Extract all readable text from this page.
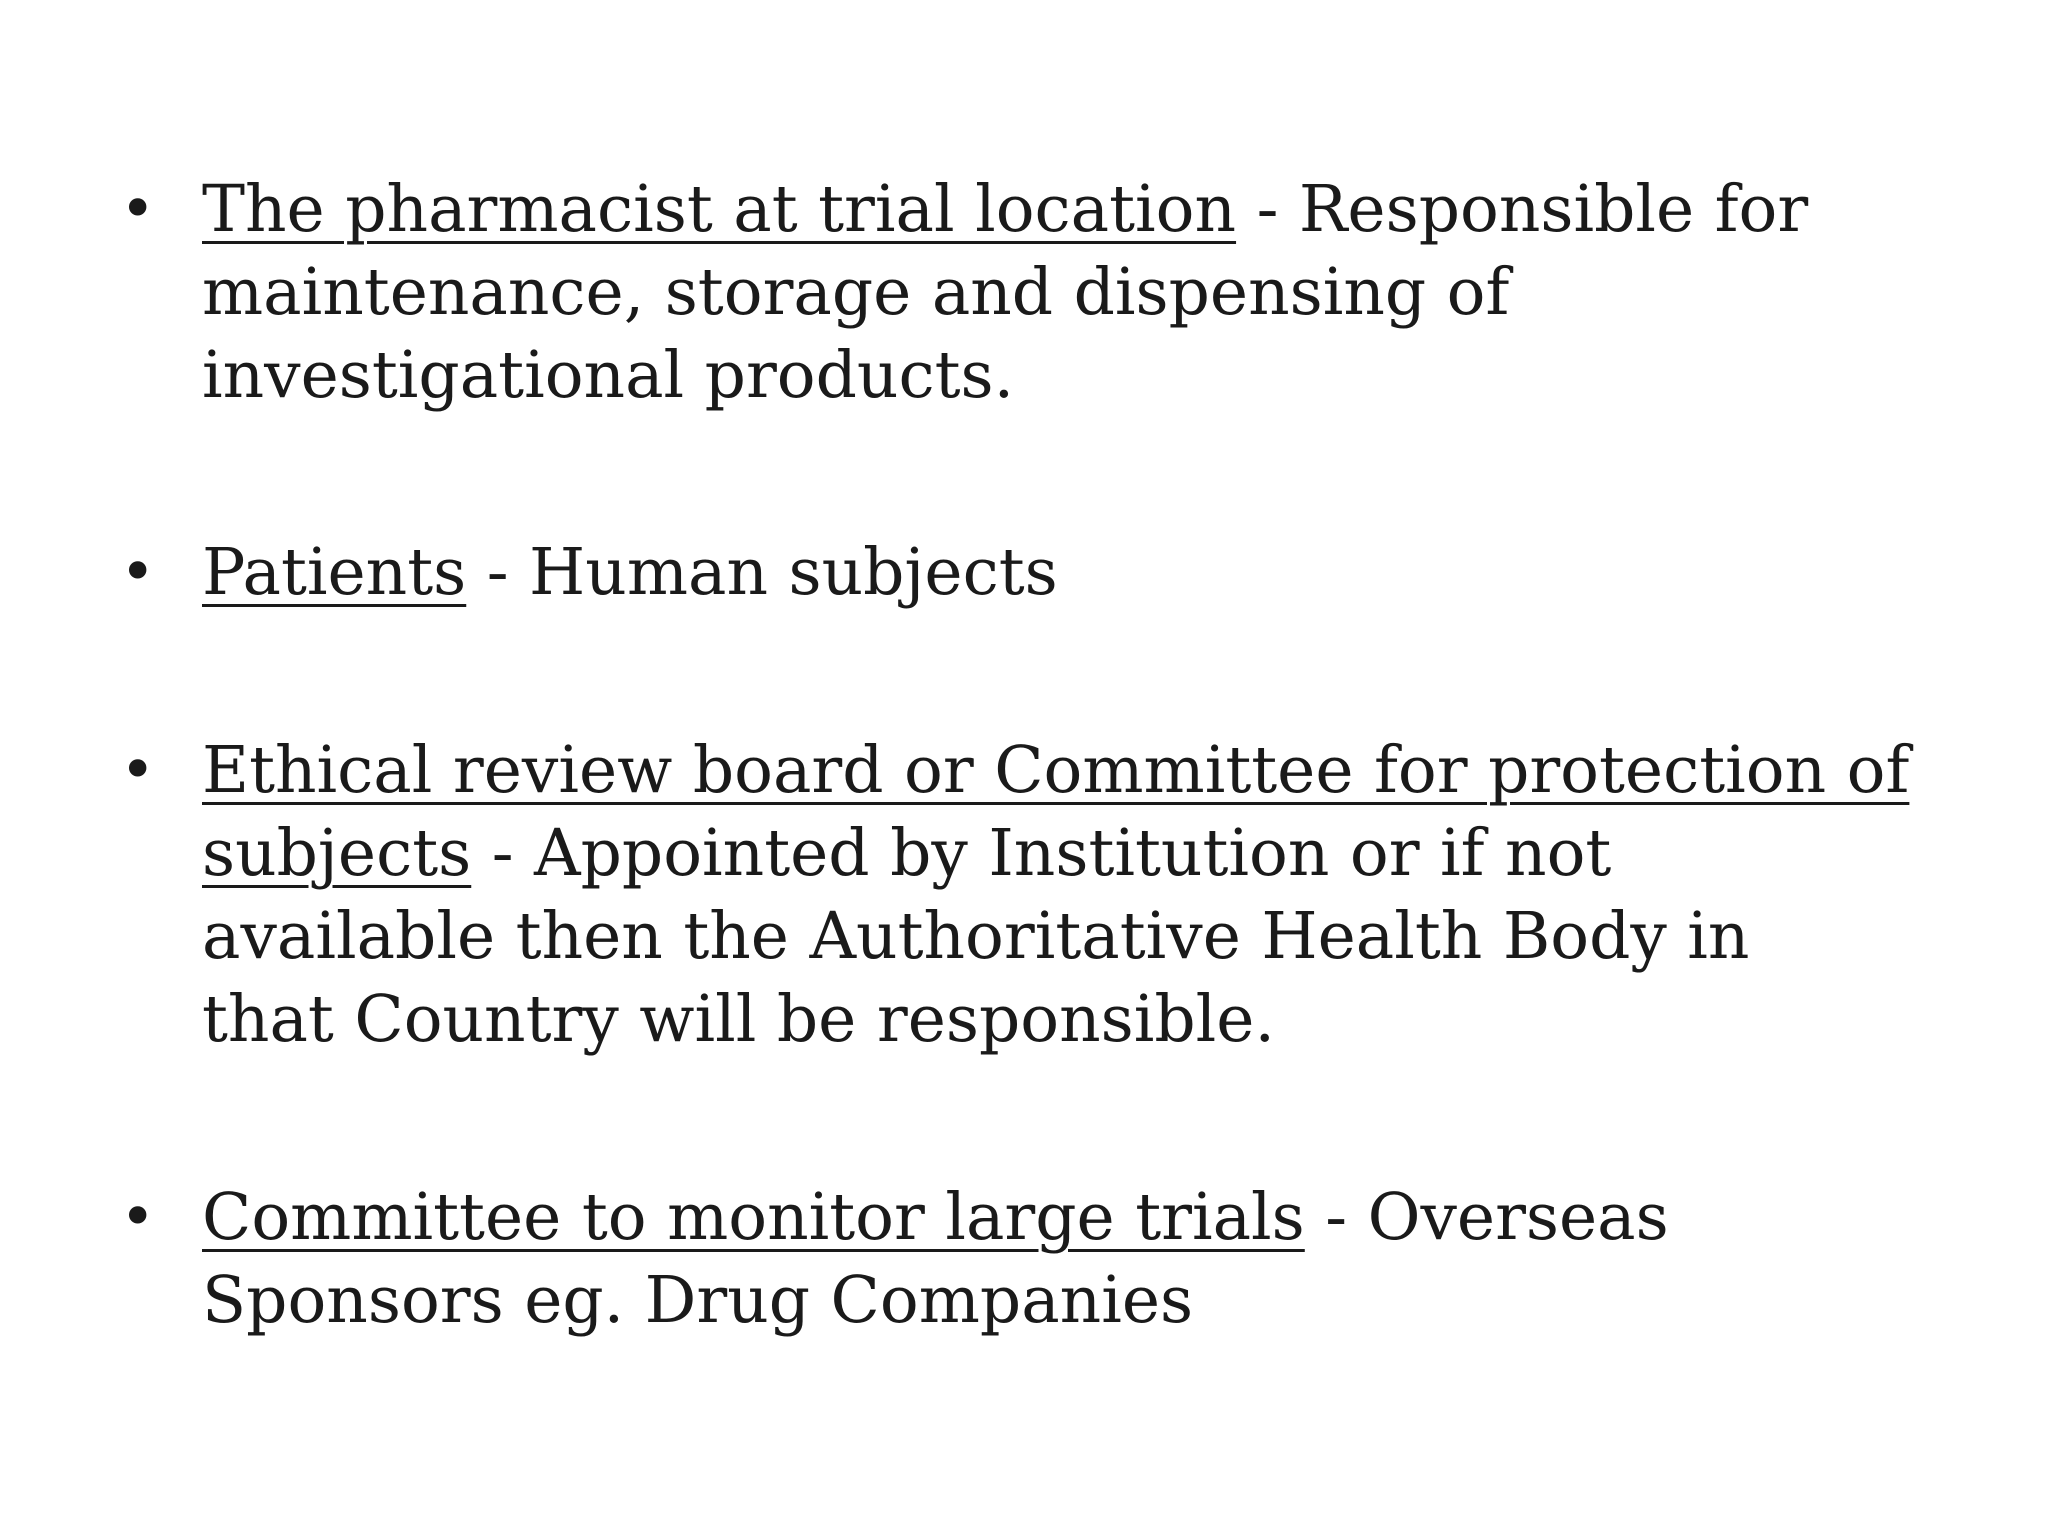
• The pharmacist at trial location - Responsible for
maintenance, storage and dispensing of
investigational products.
• Patients - Human subjects
• Ethical review board or Committee for protection of
subjects - Appointed by Institution or if not
available then the Authoritative Health Body in
that Country will be responsible.
• Committee to monitor large trials - Overseas
Sponsors eg. Drug Companies
